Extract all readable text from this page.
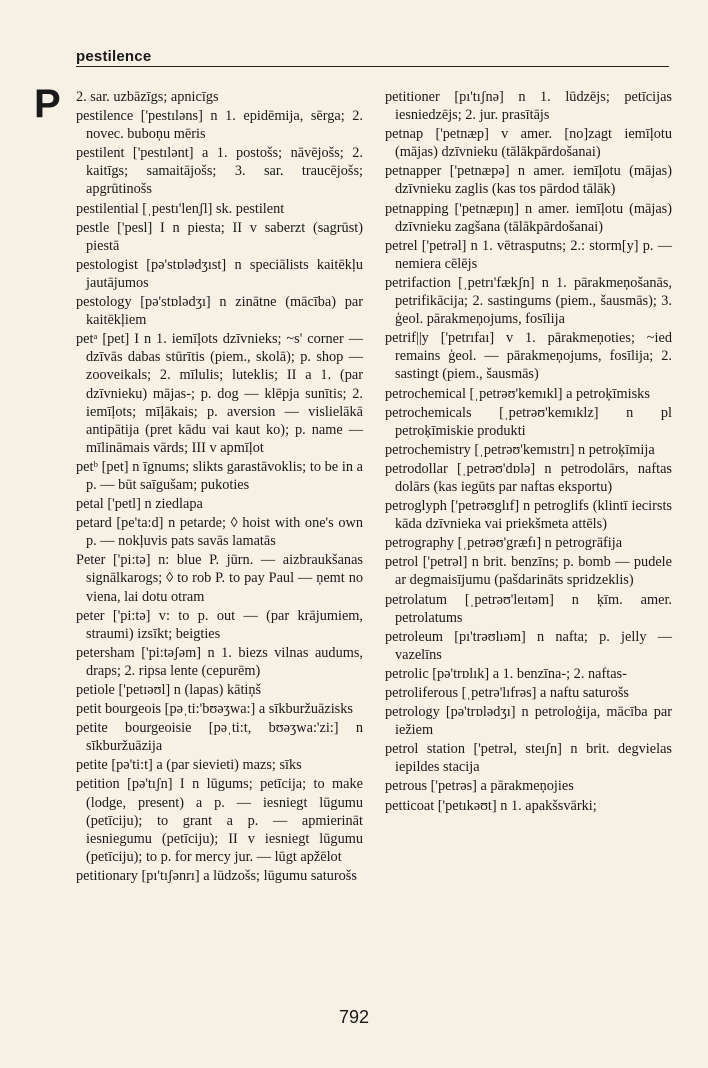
pestilence
P 2. sar. uzbāzīgs; apnicīgs

pestilence ['pestıləns] n 1. epidēmija, sērga; 2. novec. buboņu mēris

pestilent ['pestılənt] a 1. postošs; nāvējošs; 2. kaitīgs; samaitājošs; 3. sar. traucējošs; apgrūtinošs

pestilential [ˌpestı'lenʃl] sk. pestilent

pestle ['pesl] I n piesta; II v saberzt (sagrūst) piestā

pestologist [pə'stɒlədʒıst] n speciālists kaitēkļu jautājumos

pestology [pə'stɒlədʒı] n zinātne (mācība) par kaitēkļiem

petᵃ [pet] I n 1. iemīļots dzīvnieks; ~s' corner — dzīvās dabas stūrītis (piem., skolā); p. shop — zooveikals; 2. mīlulis; luteklis; II a 1. (par dzīvnieku) mājas-; p. dog — klēpja sunītis; 2. iemīļots; mīļākais; p. aversion — vislielākā antipātija (pret kādu vai kaut ko); p. name — mīlināmais vārds; III v apmīļot

petᵇ [pet] n īgnums; slikts garastāvoklis; to be in a p. — būt saīgušam; pukoties

petal ['petl] n ziedlapa

petard [pe'ta:d] n petarde; ◊ hoist with one's own p. — nokļuvis pats savās lamatās

Peter ['pi:tə] n: blue P. jūrn. — aizbraukšanas signālkarogs; ◊ to rob P. to pay Paul — ņemt no viena, lai dotu otram

peter ['pi:tə] v: to p. out — (par krājumiem, straumi) izsīkt; beigties

petersham ['pi:təʃəm] n 1. biezs vilnas audums, draps; 2. ripsa lente (cepurēm)

petiole ['petɪəʊl] n (lapas) kātiņš

petit bourgeois [pəˌti:'bʊəʒwa:] a sīkburžuāzisks

petite bourgeoisie [pəˌti:t, bʊəʒwa:'zi:] n sīkburžuāzija

petite [pə'ti:t] a (par sievieti) mazs; sīks

petition [pə'tıʃn] I n lūgums; petīcija; to make (lodge, present) a p. — iesniegt lūgumu (petīciju); to grant a p. — apmierināt iesniegumu (petīciju); II v iesniegt lūgumu (petīciju); to p. for mercy jur. — lūgt apžēlot

petitionary [pı'tıʃənrı] a lūdzošs; lūgumu saturošs

petitioner [pı'tıʃnə] n 1. lūdzējs; petīcijas iesniedzējs; 2. jur. prasītājs

petnap ['petnæp] v amer. [no]zagt iemīļotu (mājas) dzīvnieku (tālākpārdošanai)

petnapper ['petnæpə] n amer. iemīļotu (mājas) dzīvnieku zaglis (kas tos pārdod tālāk)

petnapping ['petnæpıŋ] n amer. iemīļotu (mājas) dzīvnieku zagšana (tālākpārdošanai)

petrel ['petrəl] n 1. vētrasputns; 2.: storm[y] p. — nemiera cēlējs

petrifaction [ˌpetrı'fækʃn] n 1. pārakmeņošanās, petrifikācija; 2. sastingums (piem., šausmās); 3. ģeol. pārakmeņojums, fosīlija

petrif||y ['petrıfaı] v 1. pārakmeņoties; ~ied remains ģeol. — pārakmeņojums, fosīlija; 2. sastingt (piem., šausmās)

petrochemical [ˌpetrəʊ'kemıkl] a petroķīmisks

petrochemicals [ˌpetrəʊ'kemıklz] n pl petroķīmiskie produkti

petrochemistry [ˌpetrəʊ'kemıstrı] n petroķīmija

petrodollar [ˌpetrəʊ'dɒlə] n petrodolārs, naftas dolārs (kas iegūts par naftas eksportu)

petroglyph ['petrəʊglıf] n petroglifs (klintī iecirsts kāda dzīvnieka vai priekšmeta attēls)

petrography [ˌpetrəʊ'græfı] n petrogrāfija

petrol ['petrəl] n brit. benzīns; p. bomb — pudele ar degmaisījumu (pašdarināts spridzeklis)

petrolatum [ˌpetrəʊ'leıtəm] n ķīm. amer. petrolatums

petroleum [pı'trəʊlıəm] n nafta; p. jelly — vazelīns

petrolic [pə'trɒlık] a 1. benzīna-; 2. naftas-

petroliferous [ˌpetrə'lıfrəs] a naftu saturošs

petrology [pə'trɒlədʒı] n petroloģija, mācība par iežiem

petrol station ['petrəl, steıʃn] n brit. degvielas iepildes stacija

petrous ['petrəs] a pārakmeņojies

petticoat ['petıkəʊt] n 1. apakšsvārki;

792
